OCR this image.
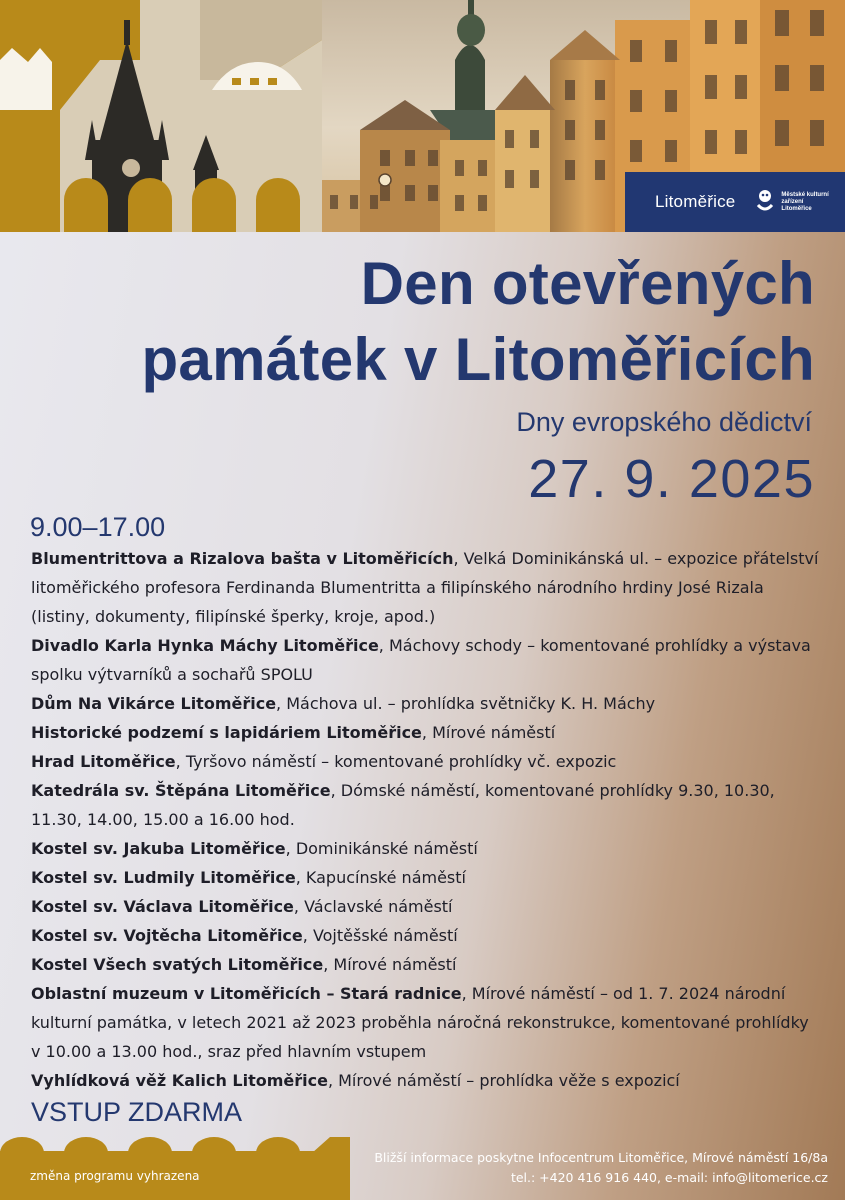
Litoměřice	Městské kulturní zařízení Litoměřice
Den otevřených
památek v Litoměřicích
Dny evropského dědictví
27. 9. 2025
9.00–17.00
Blumentrittova a Rizalova bašta v Litoměřicích, Velká Dominikánská ul. – expozice přátelství litoměřického profesora Ferdinanda Blumentritta a filipínského národního hrdiny José Rizala (listiny, dokumenty, filipínské šperky, kroje, apod.)
Divadlo Karla Hynka Máchy Litoměřice, Máchovy schody – komentované prohlídky a výstava spolku výtvarníků a sochařů SPOLU
Dům Na Vikárce Litoměřice, Máchova ul. – prohlídka světničky K. H. Máchy
Historické podzemí s lapidáriem Litoměřice, Mírové náměstí
Hrad Litoměřice, Tyršovo náměstí – komentované prohlídky vč. expozic
Katedrála sv. Štěpána Litoměřice, Dómské náměstí, komentované prohlídky 9.30, 10.30, 11.30, 14.00, 15.00 a 16.00 hod.
Kostel sv. Jakuba Litoměřice, Dominikánské náměstí
Kostel sv. Ludmily Litoměřice, Kapucínské náměstí
Kostel sv. Václava Litoměřice, Václavské náměstí
Kostel sv. Vojtěcha Litoměřice, Vojtěšské náměstí
Kostel Všech svatých Litoměřice, Mírové náměstí
Oblastní muzeum v Litoměřicích – Stará radnice, Mírové náměstí – od 1. 7. 2024 národní kulturní památka, v letech 2021 až 2023 proběhla náročná rekonstrukce, komentované prohlídky v 10.00 a 13.00 hod., sraz před hlavním vstupem
Vyhlídková věž Kalich Litoměřice, Mírové náměstí – prohlídka věže s expozicí
VSTUP ZDARMA
změna programu vyhrazena
Bližší informace poskytne Infocentrum Litoměřice, Mírové náměstí 16/8a
tel.: +420 416 916 440, e-mail: info@litomerice.cz
